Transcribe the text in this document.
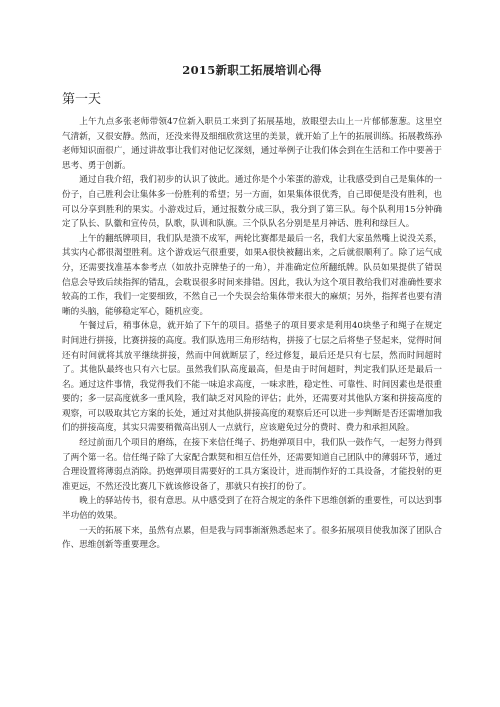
2015新职工拓展培训心得
第一天

上午九点多张老师带领47位新入职员工来到了拓展基地，放眼望去山上一片郁郁葱葱。这里空气清新，又很安静。然而，还没来得及细细欣赏这里的美景，就开始了上午的拓展训练。拓展教练孙老师知识面很广，通过讲故事让我们对他记忆深刻，通过举例子让我们体会到在生活和工作中要善于思考、勇于创新。

通过自我介绍，我们初步的认识了彼此。通过你是个小笨蛋的游戏，让我感受到自己是集体的一份子，自己胜利会让集体多一份胜利的希望；另一方面，如果集体很优秀，自己即便是没有胜利，也可以分享到胜利的果实。小游戏过后，通过报数分成三队，我分到了第三队。每个队利用15分钟确定了队长、队徽和宣传员，队歌，队训和队旗。三个队队名分别是星月神话、胜利和绿巨人。

上午的翻纸牌项目，我们队是溃不成军，两轮比赛都是最后一名，我们大家虽然嘴上说没关系，其实内心都很渴望胜利。这个游戏运气很重要，如果A很快被翻出来，之后就很顺利了。除了运气成分，还需要找准基本参考点（如放扑克牌垫子的一角），并准确定位所翻纸牌。队员如果提供了错误信息会导致后续指挥的错乱，会耽误很多时间来排错。因此，我认为这个项目教给我们对准确性要求较高的工作，我们一定要细致，不然自己一个失误会给集体带来很大的麻烦；另外，指挥者也要有清晰的头脑，能够稳定军心，随机应变。

午餐过后，稍事休息，就开始了下午的项目。搭垫子的项目要求是利用40块垫子和绳子在规定时间进行拼接，比赛拼接的高度。我们队选用三角形结构，拼接了七层之后将垫子竖起来，觉得时间还有时间就将其放平继续拼接，然而中间就断层了，经过修复，最后还是只有七层，然而时间超时了。其他队最终也只有六七层。虽然我们队高度最高，但是由于时间超时，判定我们队还是最后一名。通过这件事情，我觉得我们不能一味追求高度，一味求胜，稳定性、可靠性、时间因素也是很重要的；多一层高度就多一重风险，我们缺乏对风险的评估；此外，还需要对其他队方案和拼接高度的观察，可以吸取其它方案的长处，通过对其他队拼接高度的观察后还可以进一步判断是否还需增加我们的拼接高度，其实只需要稍微高出别人一点就行，应该避免过分的费时、费力和承担风险。

经过前面几个项目的磨练，在接下来信任绳子、扔炮弹项目中，我们队一鼓作气，一起努力得到了两个第一名。信任绳子除了大家配合默契和相互信任外，还需要知道自己团队中的薄弱环节，通过合理设置将薄弱点消除。扔炮弹项目需要好的工具方案设计，进而制作好的工具设备，才能投射的更准更远，不然还没比赛几下就该修设备了，那就只有挨打的份了。

晚上的驿站传书，很有意思。从中感受到了在符合规定的条件下思维创新的重要性，可以达到事半功倍的效果。

一天的拓展下来，虽然有点累，但是我与同事渐渐熟悉起来了。很多拓展项目使我加深了团队合作、思维创新等重要理念。
